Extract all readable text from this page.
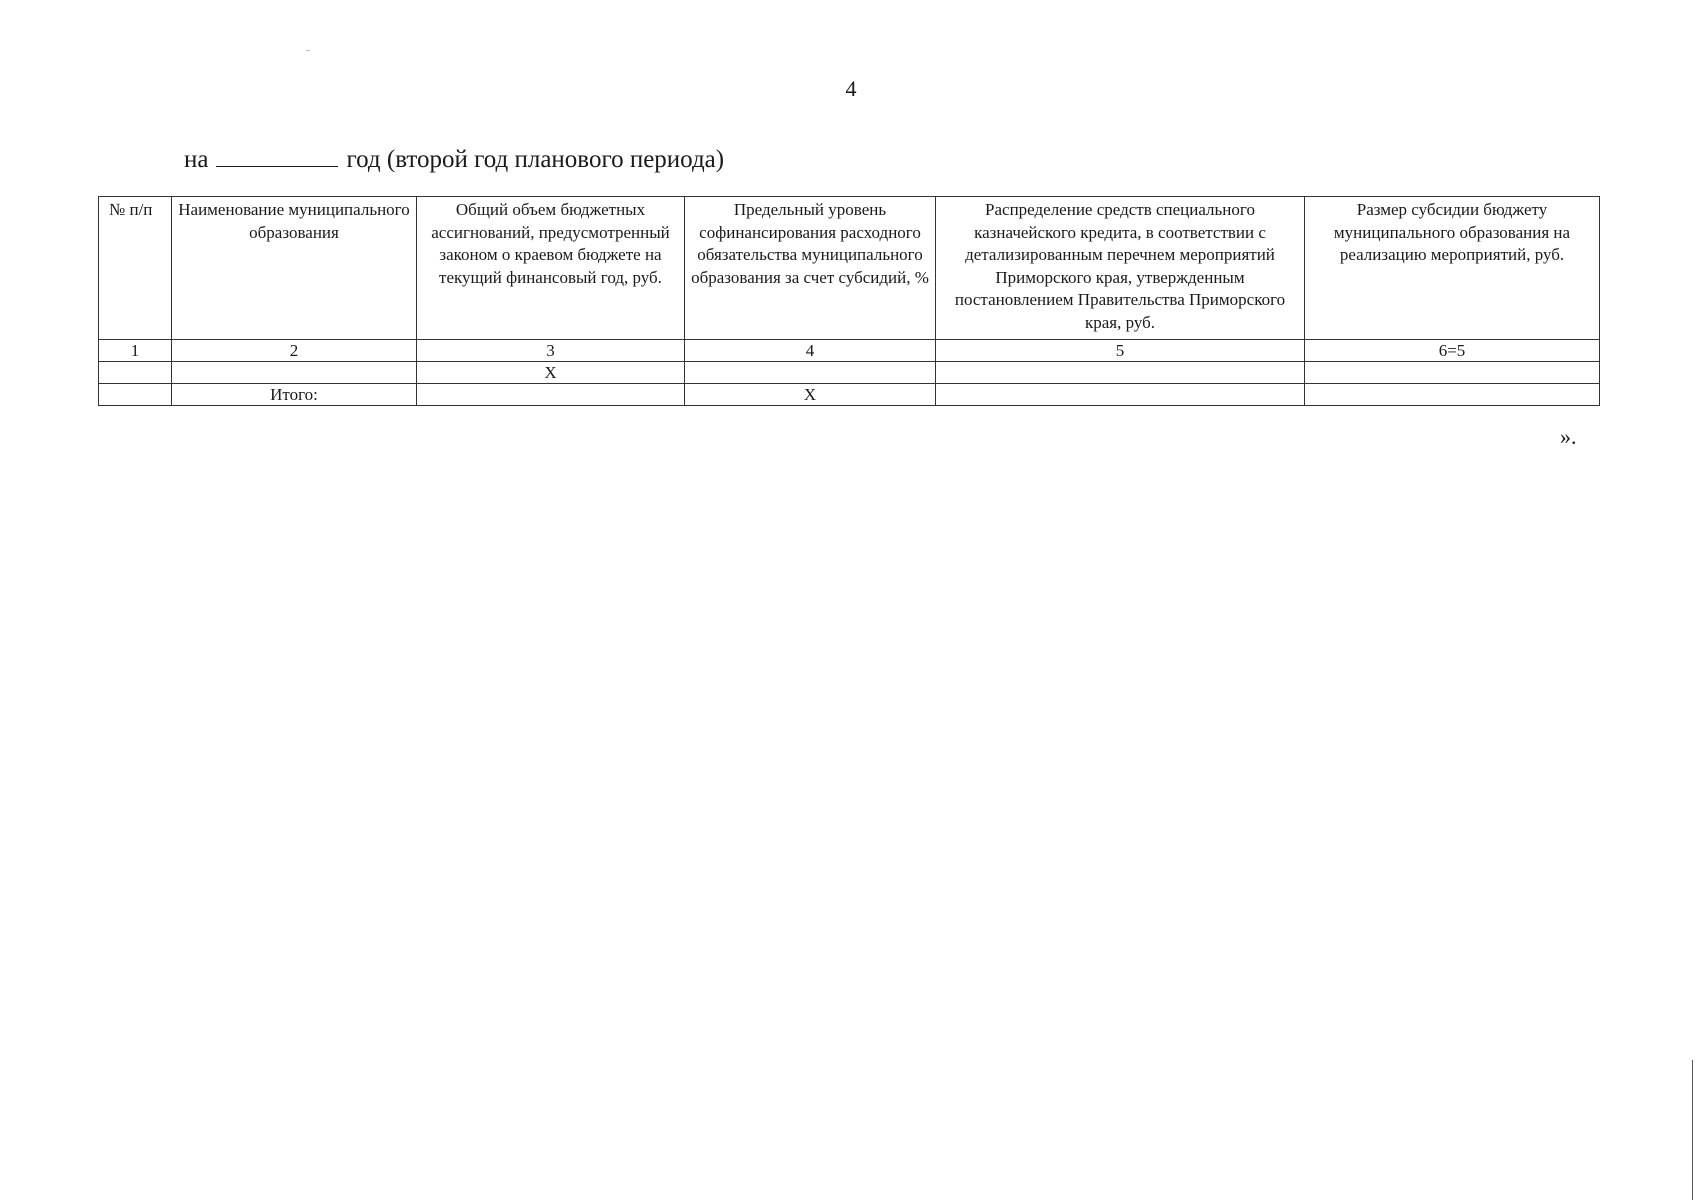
4
на	год (второй год планового периода)
№ п/п	Наименование муниципального образования	Общий объем бюджетных ассигнований, предусмотренный законом о краевом бюджете на текущий финансовый год, руб.	Предельный уровень софинансирования расходного обязательства муниципального образования за счет субсидий, %	Распределение средств специального казначейского кредита, в соответствии с детализированным перечнем мероприятий Приморского края, утвержденным постановлением Правительства Приморского края, руб.	Размер субсидии бюджету муниципального образования на реализацию мероприятий, руб.
1	2	3	4	5	6=5
		X			
	Итого:		X		
».
